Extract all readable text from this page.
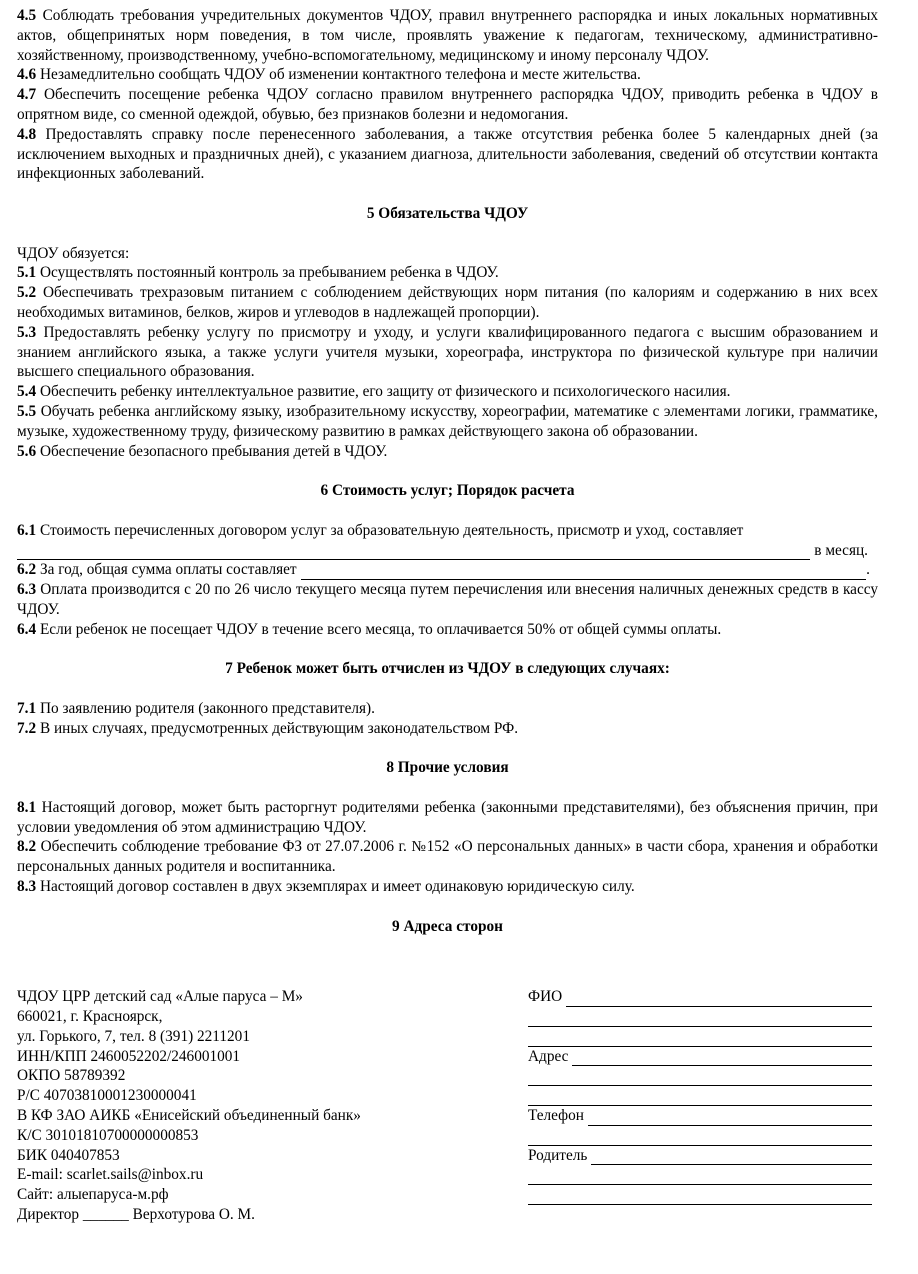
4.5 Соблюдать требования учредительных документов ЧДОУ, правил внутреннего распорядка и иных локальных нормативных актов, общепринятых норм поведения, в том числе, проявлять уважение к педагогам, техническому, административно-хозяйственному, производственному, учебно-вспомогательному, медицинскому и иному персоналу ЧДОУ.

4.6 Незамедлительно сообщать ЧДОУ об изменении контактного телефона и месте жительства.

4.7 Обеспечить посещение ребенка ЧДОУ согласно правилом внутреннего распорядка ЧДОУ, приводить ребенка в ЧДОУ в опрятном виде, со сменной одеждой, обувью, без признаков болезни и недомогания.

4.8 Предоставлять справку после перенесенного заболевания, а также отсутствия ребенка более 5 календарных дней (за исключением выходных и праздничных дней), с указанием диагноза, длительности заболевания, сведений об отсутствии контакта инфекционных заболеваний.

5 Обязательства ЧДОУ

ЧДОУ обязуется:

5.1 Осуществлять постоянный контроль за пребыванием ребенка в ЧДОУ.

5.2 Обеспечивать трехразовым питанием с соблюдением действующих норм питания (по калориям и содержанию в них всех необходимых витаминов, белков, жиров и углеводов в надлежащей пропорции).

5.3 Предоставлять ребенку услугу по присмотру и уходу, и услуги квалифицированного педагога с высшим образованием и знанием английского языка, а также услуги учителя музыки, хореографа, инструктора по физической культуре при наличии высшего специального образования.

5.4 Обеспечить ребенку интеллектуальное развитие, его защиту от физического и психологического насилия.

5.5 Обучать ребенка английскому языку, изобразительному искусству, хореографии, математике с элементами логики, грамматике, музыке, художественному труду, физическому развитию в рамках действующего закона об образовании.

5.6 Обеспечение безопасного пребывания детей в ЧДОУ.

6 Стоимость услуг; Порядок расчета

6.1 Стоимость перечисленных договором услуг за образовательную деятельность, присмотр и уход, составляет

в месяц.
6.2
За год, общая сумма оплаты составляет	.

6.3 Оплата производится с 20 по 26 число текущего месяца путем перечисления или внесения наличных денежных средств в кассу ЧДОУ.

6.4 Если ребенок не посещает ЧДОУ в течение всего месяца, то оплачивается 50% от общей суммы оплаты.

7 Ребенок может быть отчислен из ЧДОУ в следующих случаях:

7.1 По заявлению родителя (законного представителя).

7.2 В иных случаях, предусмотренных действующим законодательством РФ.

8 Прочие условия

8.1 Настоящий договор, может быть расторгнут родителями ребенка (законными представителями), без объяснения причин, при условии уведомления об этом администрацию ЧДОУ.

8.2 Обеспечить соблюдение требование ФЗ от 27.07.2006 г. №152 «О персональных данных» в части сбора, хранения и обработки персональных данных родителя и воспитанника.

8.3 Настоящий договор составлен в двух экземплярах и имеет одинаковую юридическую силу.

9 Адреса сторон
ЧДОУ ЦРР детский сад «Алые паруса – М»
660021, г. Красноярск,
ул. Горького, 7, тел. 8 (391) 2211201
ИНН/КПП 2460052202/246001001
ОКПО 58789392
Р/С 40703810001230000041
В КФ ЗАО АИКБ «Енисейский объединенный банк»
К/С 30101810700000000853
БИК 040407853
E-mail: scarlet.sails@inbox.ru
Сайт: алыепаруса-м.рф
Директор ______ Верхотурова О. М.
ФИО
Адрес
Телефон
Родитель
